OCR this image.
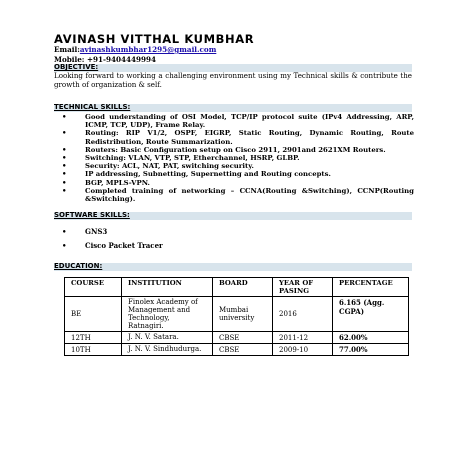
AVINASH VITTHAL KUMBHAR
Email:avinashkumbhar1295@gmail.com
Mobile: +91-9404449994
OBJECTIVE:
Looking forward to working a challenging environment using my Technical skills & contribute the growth of organization & self.
TECHNICAL SKILLS:
•	Good understanding of OSI Model, TCP/IP protocol suite (IPv4 Addressing, ARP, ICMP, TCP, UDP), Frame Relay.
•	Routing: RIP V1/2, OSPF, EIGRP, Static Routing, Dynamic Routing, Route Redistribution, Route Summarization.
•	Routers: Basic Configuration setup on Cisco 2911, 2901and 2621XM Routers.
•	Switching: VLAN, VTP, STP, Etherchannel, HSRP, GLBP.
•	Security: ACL, NAT, PAT, switching security.
•	IP addressing, Subnetting, Supernetting and Routing concepts.
•	BGP, MPLS-VPN.
•	Completed training of networking – CCNA(Routing &Switching), CCNP(Routing &Switching).
SOFTWARE SKILLS:
•	GNS3
•	Cisco Packet Tracer
EDUCATION:
COURSE	INSTITUTION	BOARD	YEAR OF PASING	PERCENTAGE
BE	Finolex Academy of Management and Technology, Ratnagiri.	Mumbai university	2016	6.165 (Agg. CGPA)
12TH	J. N. V. Satara.	CBSE	2011-12	62.00%
10TH	J. N. V. Sindhudurga.	CBSE	2009-10	77.00%
